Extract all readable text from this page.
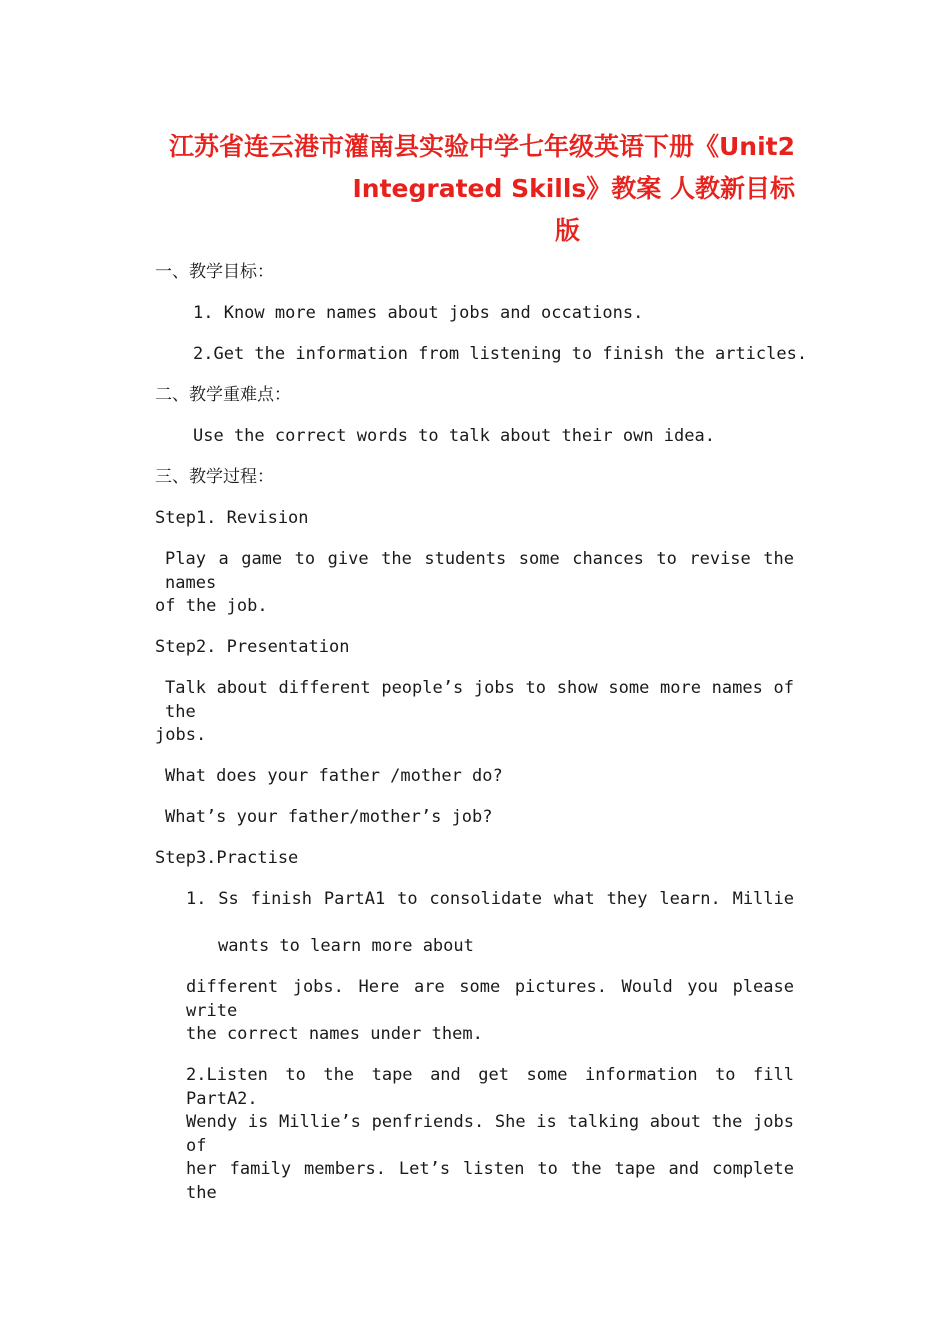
江苏省连云港市灌南县实验中学七年级英语下册《Unit2
Integrated Skills》教案 人教新目标
版
一、教学目标：
1. Know more names about jobs and occations.
2.Get the information from listening to finish the articles.
二、教学重难点：
Use the correct words to talk about their own idea.
三、教学过程：
Step1. Revision
Play a game to give the students some chances to revise the names
of the job.
Step2. Presentation
Talk about different people’s jobs to show some more names of the
jobs.
What does your father /mother do?
What’s your father/mother’s job?
Step3.Practise
1. Ss finish PartA1 to consolidate what they learn. Millie
wants to learn more about
different jobs. Here are some pictures. Would you please write
the correct names under them.
2.Listen to the tape and get some information to fill PartA2.
Wendy is Millie’s penfriends. She is talking about the jobs of
her family members. Let’s listen to the tape and complete the
